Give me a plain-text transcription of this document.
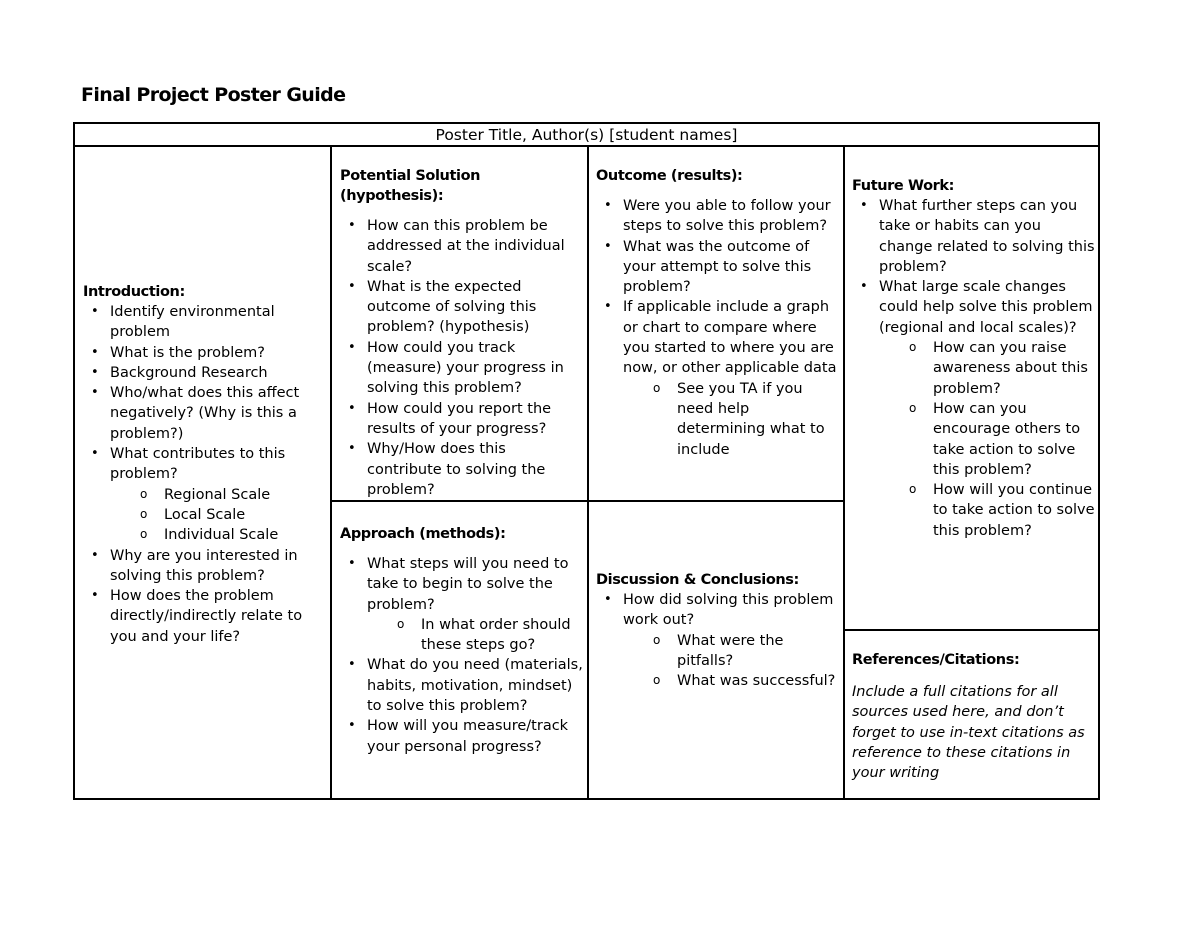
Final Project Poster Guide
Poster Title, Author(s) [student names]
Introduction:
• Identify environmental problem
• What is the problem?
• Background Research
• Who/what does this affect negatively? (Why is this a problem?)
• What contributes to this problem?
o Regional Scale
o Local Scale
o Individual Scale
• Why are you interested in solving this problem?
• How does the problem directly/indirectly relate to you and your life?
Potential Solution (hypothesis):
• How can this problem be addressed at the individual scale?
• What is the expected outcome of solving this problem? (hypothesis)
• How could you track (measure) your progress in solving this problem?
• How could you report the results of your progress?
• Why/How does this contribute to solving the problem?
Outcome (results):
• Were you able to follow your steps to solve this problem?
• What was the outcome of your attempt to solve this problem?
• If applicable include a graph or chart to compare where you started to where you are now, or other applicable data
o See you TA if you need help determining what to include
Approach (methods):
• What steps will you need to take to begin to solve the problem?
o In what order should these steps go?
• What do you need (materials, habits, motivation, mindset) to solve this problem?
• How will you measure/track your personal progress?
Discussion & Conclusions:
• How did solving this problem work out?
o What were the pitfalls?
o What was successful?
Future Work:
• What further steps can you take or habits can you change related to solving this problem?
• What large scale changes could help solve this problem (regional and local scales)?
o How can you raise awareness about this problem?
o How can you encourage others to take action to solve this problem?
o How will you continue to take action to solve this problem?
References/Citations:
Include a full citations for all sources used here, and don’t forget to use in-text citations as reference to these citations in your writing
